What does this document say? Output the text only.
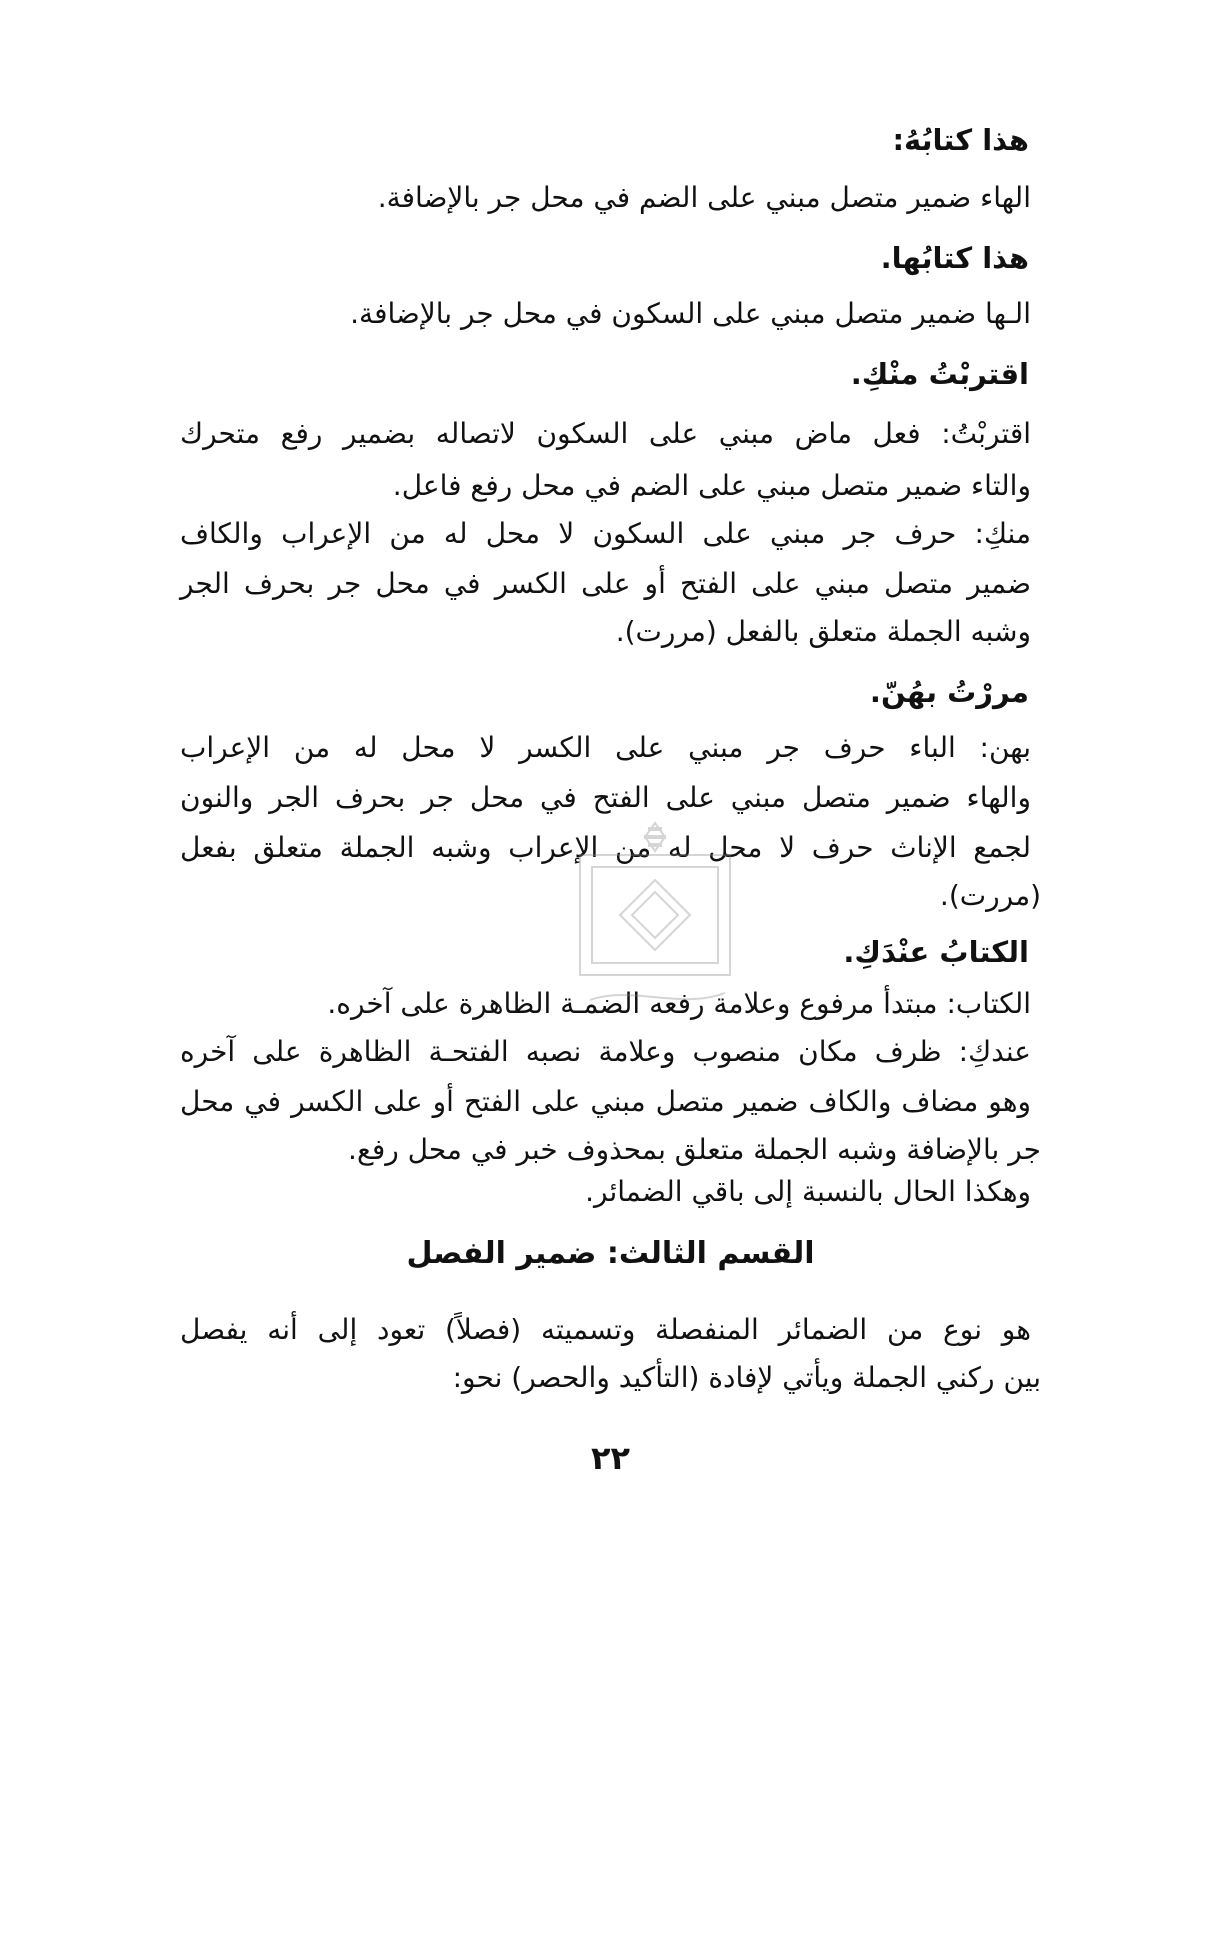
هذا كتابُهُ:
الهاء ضمير متصل مبني على الضم في محل جر بالإضافة.
هذا كتابُها.
الـها ضمير متصل مبني على السكون في محل جر بالإضافة.
اقتربْتُ منْكِ.
اقتربْتُ: فعل ماض مبني على السكون لاتصاله بضمير رفع متحرك
والتاء ضمير متصل مبني على الضم في محل رفع فاعل.
منكِ: حرف جر مبني على السكون لا محل له من الإعراب والكاف
ضمير متصل مبني على الفتح أو على الكسر في محل جر بحرف الجر
وشبه الجملة متعلق بالفعل (مررت).
مررْتُ بهُنّ.
بهن: الباء حرف جر مبني على الكسر لا محل له من الإعراب
والهاء ضمير متصل مبني على الفتح في محل جر بحرف الجر والنون
لجمع الإناث حرف لا محل له من الإعراب وشبه الجملة متعلق بفعل
(مررت).
الكتابُ عنْدَكِ.
الكتاب: مبتدأ مرفوع وعلامة رفعه الضمـة الظاهرة على آخره.
عندكِ: ظرف مكان منصوب وعلامة نصبه الفتحـة الظاهرة على آخره
وهو مضاف والكاف ضمير متصل مبني على الفتح أو على الكسر في محل
جر بالإضافة وشبه الجملة متعلق بمحذوف خبر في محل رفع.
وهكذا الحال بالنسبة إلى باقي الضمائر.
القسم الثالث: ضمير الفصل
هو نوع من الضمائر المنفصلة وتسميته (فصلاً) تعود إلى أنه يفصل
بين ركني الجملة ويأتي لإفادة (التأكيد والحصر) نحو:
٢٢
